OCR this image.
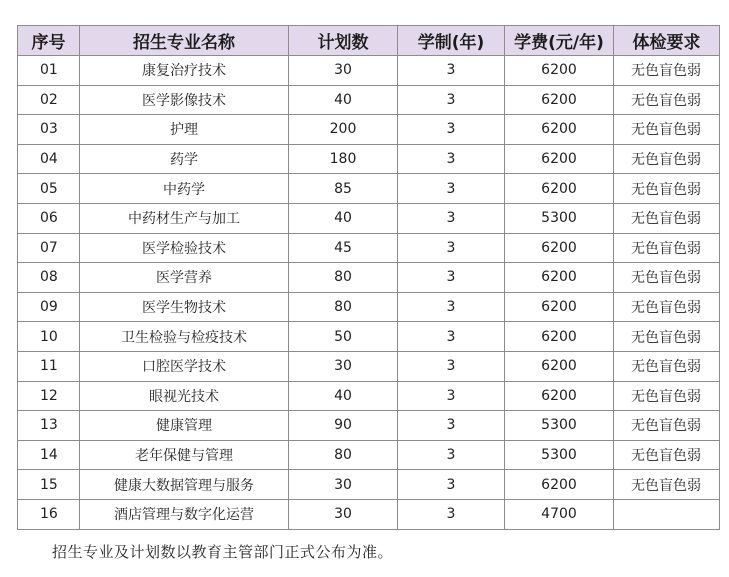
序号	招生专业名称	计划数	学制(年)	学费(元/年)	体检要求
01	康复治疗技术	30	3	6200	无色盲色弱
02	医学影像技术	40	3	6200	无色盲色弱
03	护理	200	3	6200	无色盲色弱
04	药学	180	3	6200	无色盲色弱
05	中药学	85	3	6200	无色盲色弱
06	中药材生产与加工	40	3	5300	无色盲色弱
07	医学检验技术	45	3	6200	无色盲色弱
08	医学营养	80	3	6200	无色盲色弱
09	医学生物技术	80	3	6200	无色盲色弱
10	卫生检验与检疫技术	50	3	6200	无色盲色弱
11	口腔医学技术	30	3	6200	无色盲色弱
12	眼视光技术	40	3	6200	无色盲色弱
13	健康管理	90	3	5300	无色盲色弱
14	老年保健与管理	80	3	5300	无色盲色弱
15	健康大数据管理与服务	30	3	6200	无色盲色弱
16	酒店管理与数字化运营	30	3	4700	
招生专业及计划数以教育主管部门正式公布为准。
